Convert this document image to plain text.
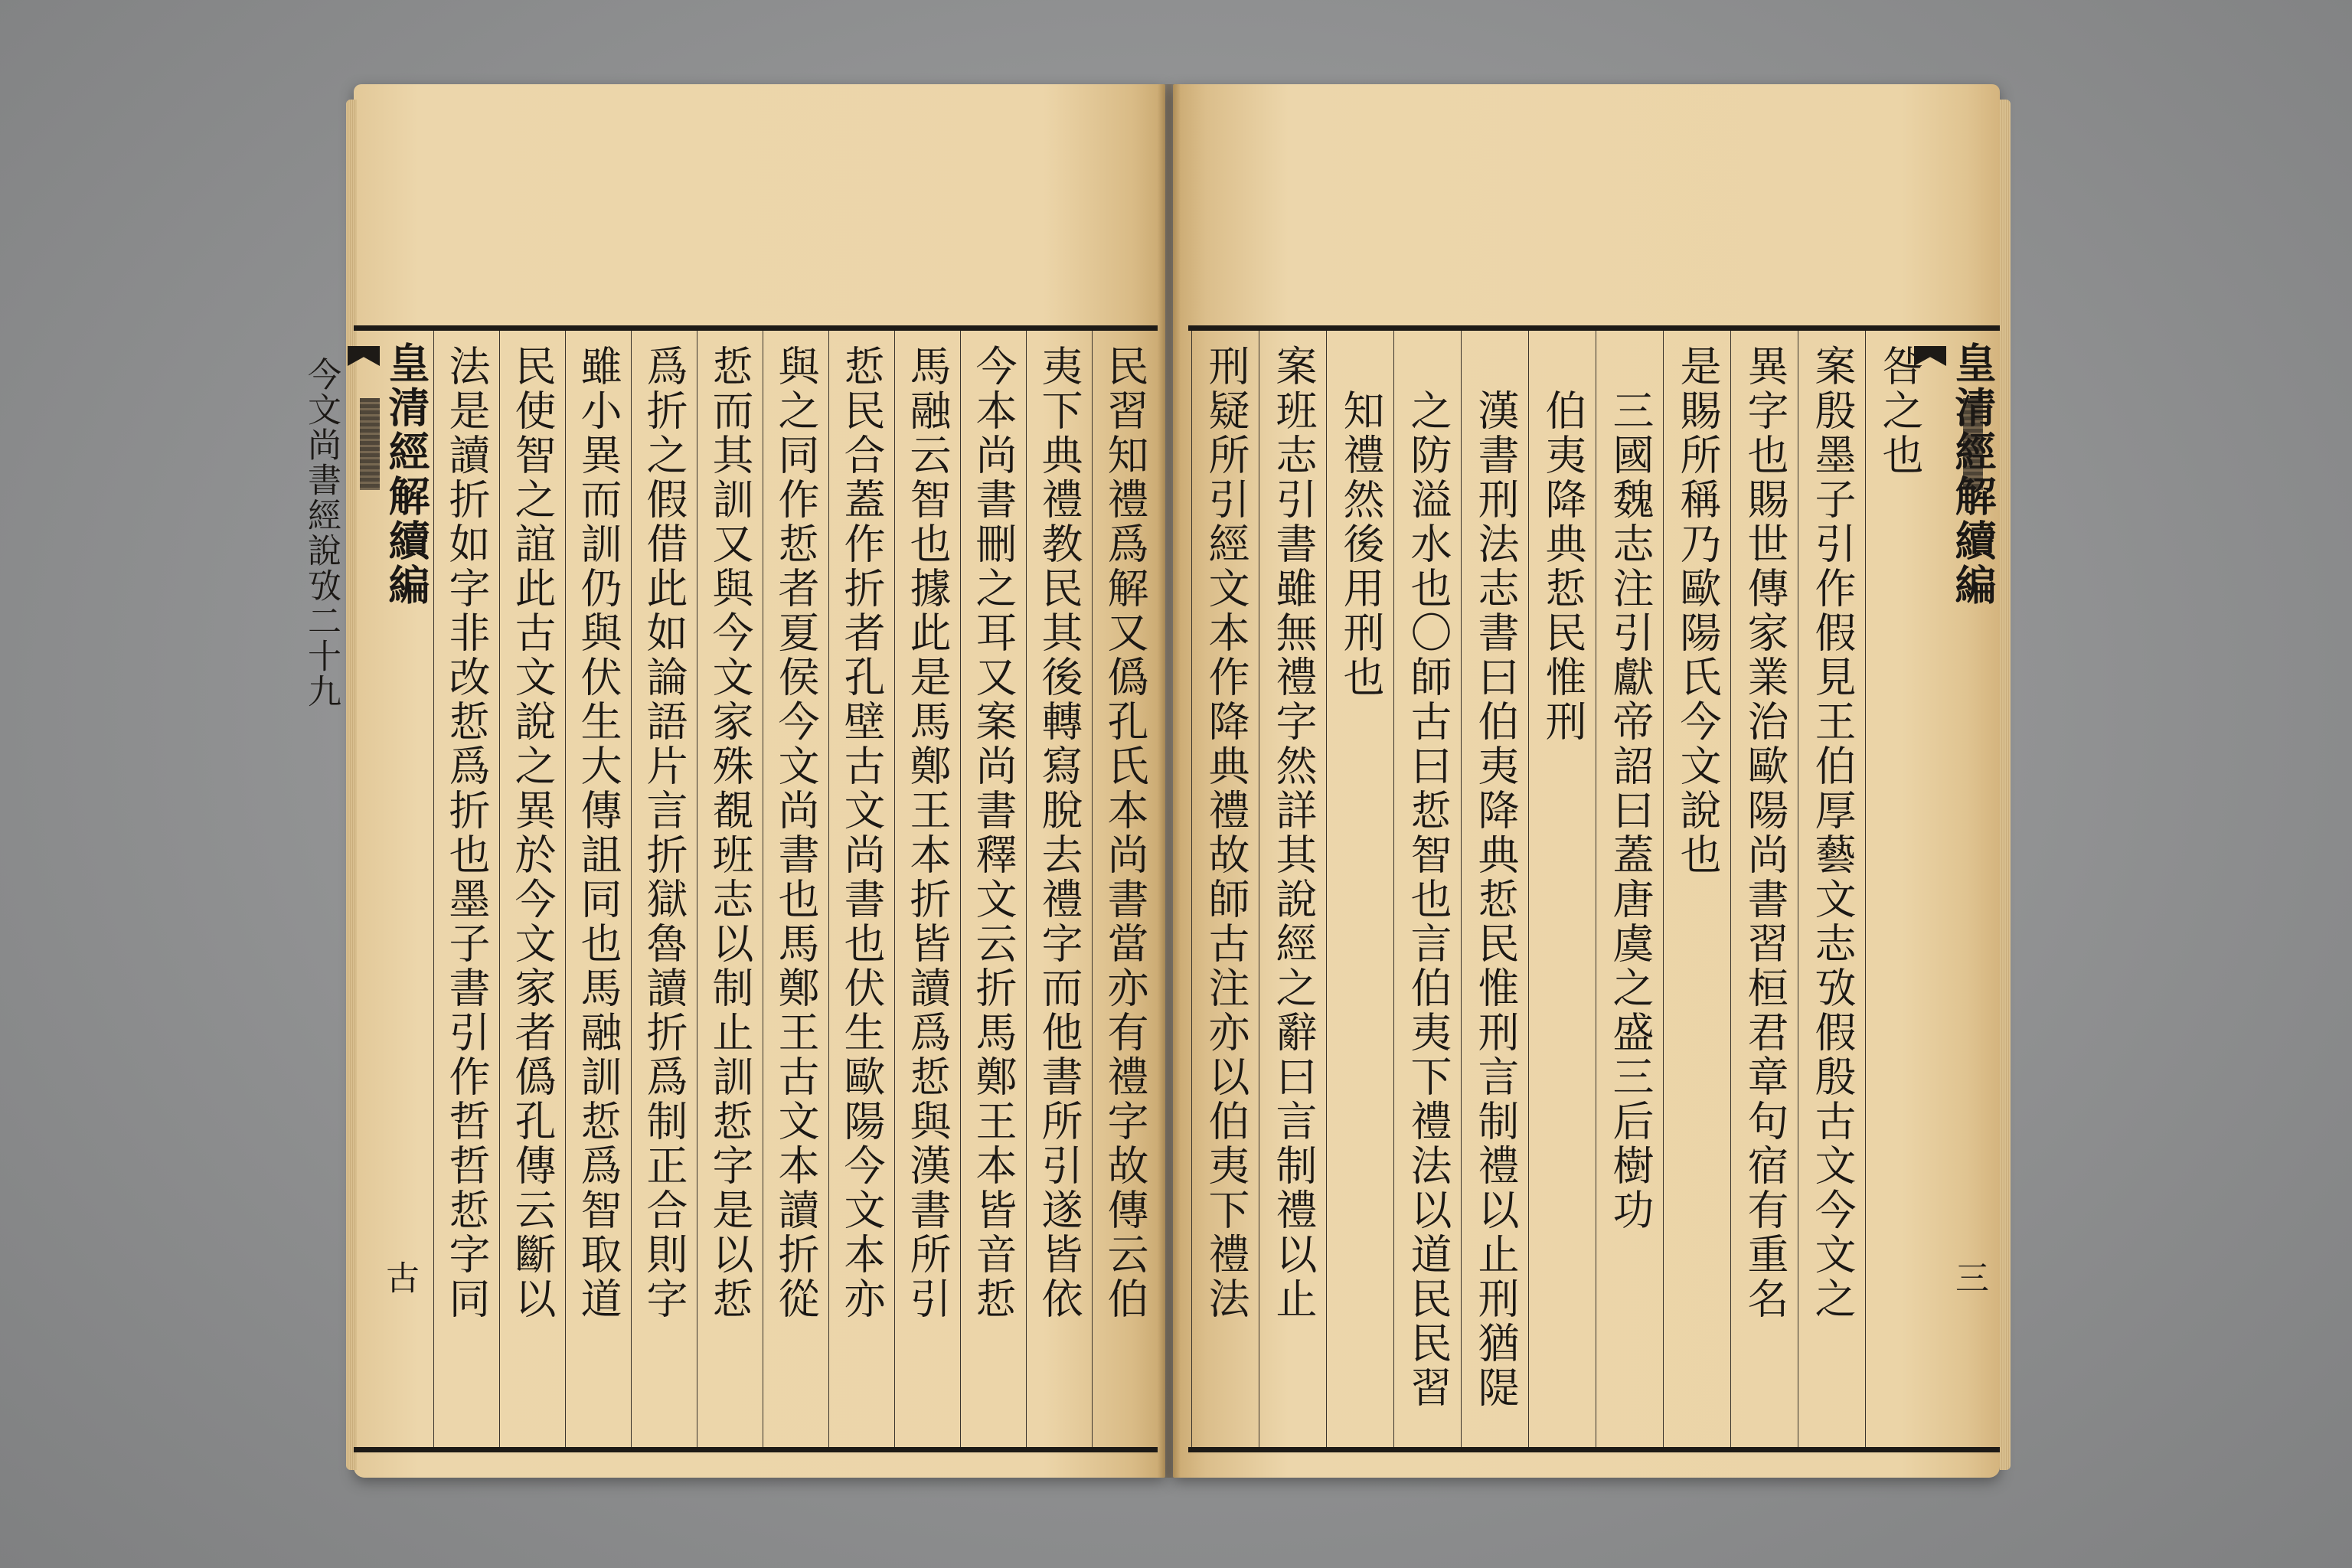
民習知禮爲解又僞孔氏本尚書當亦有禮字故傳云伯
夷下典禮教民其後轉寫脫去禮字而他書所引遂皆依
今本尚書刪之耳又案尚書釋文云折馬鄭王本皆音悊
馬融云智也據此是馬鄭王本折皆讀爲悊與漢書所引
悊民合蓋作折者孔壁古文尚書也伏生歐陽今文本亦
與之同作悊者夏侯今文尚書也馬鄭王古文本讀折從
悊而其訓又與今文家殊覩班志以制止訓悊字是以悊
爲折之假借此如論語片言折獄魯讀折爲制正合則字
雖小異而訓仍與伏生大傳詛同也馬融訓悊爲智取道
民使智之誼此古文說之異於今文家者僞孔傳云斷以
法是讀折如字非改悊爲折也墨子書引作哲哲悊字同
皇清經解續編
今文尚書經說攷二十九
古
皇清經解續編
三
咎之也
案殷墨子引作假見王伯厚藝文志攷假殷古文今文之
異字也賜世傳家業治歐陽尚書習桓君章句宿有重名
是賜所稱乃歐陽氏今文說也
三國魏志注引獻帝詔曰蓋唐虞之盛三后樹功
伯夷降典悊民惟刑
漢書刑法志書曰伯夷降典悊民惟刑言制禮以止刑猶隄
之防溢水也〇師古曰悊智也言伯夷下禮法以道民民習
知禮然後用刑也
案班志引書雖無禮字然詳其說經之辭曰言制禮以止
刑疑所引經文本作降典禮故師古注亦以伯夷下禮法
